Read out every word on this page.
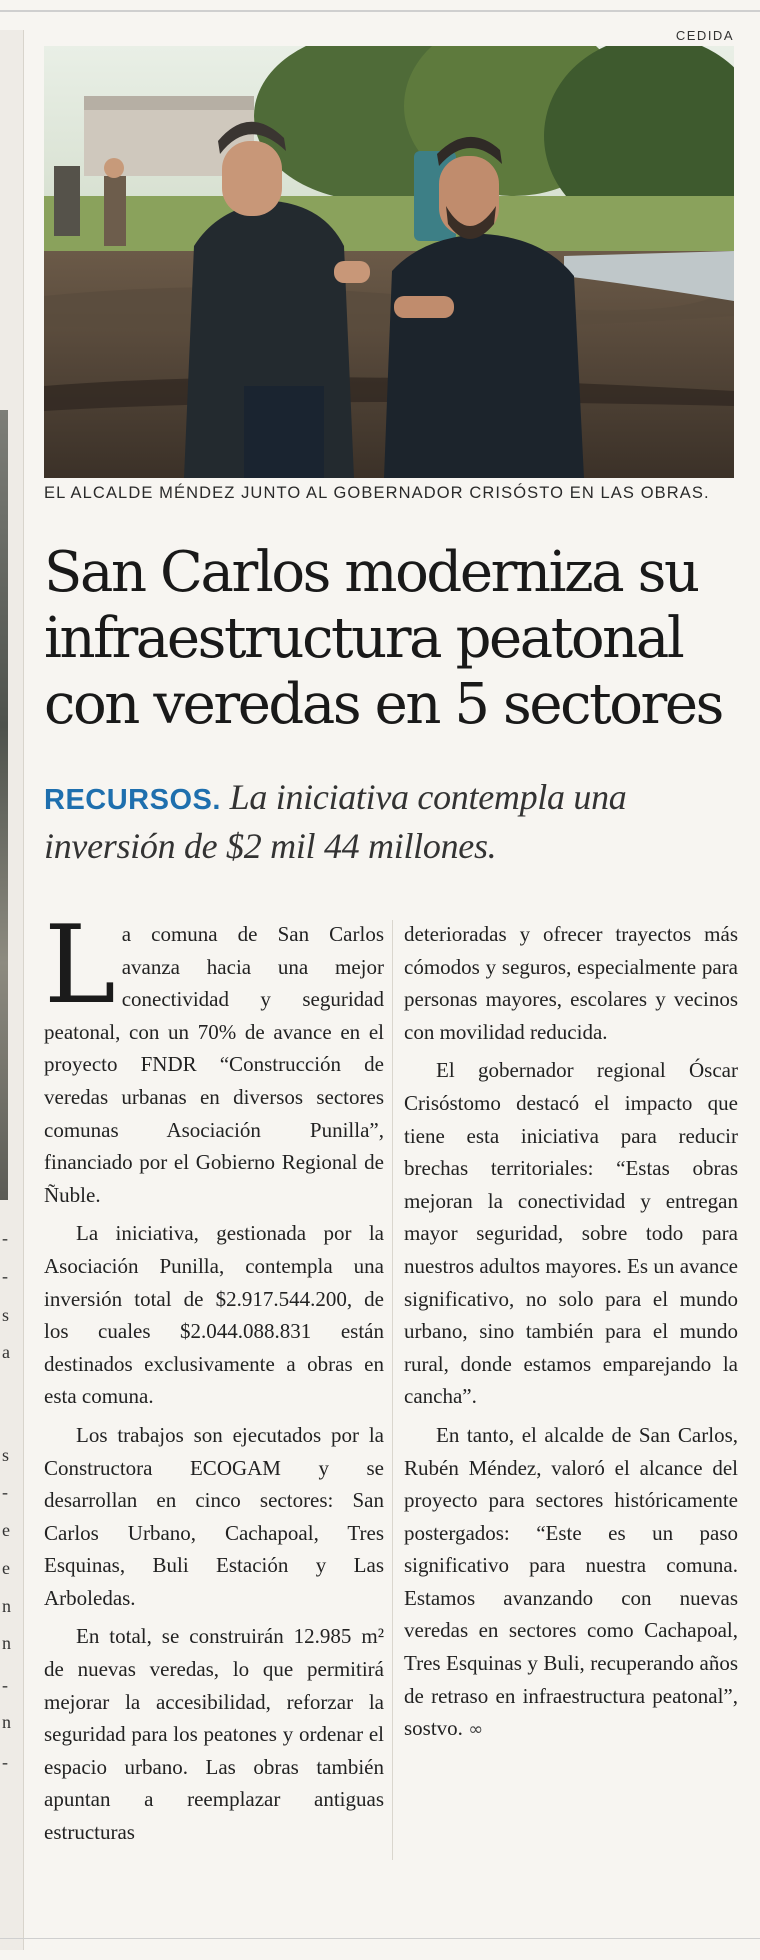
-
-
s
a
s
-
e
e
n
n
-
n
-
CEDIDA
EL ALCALDE MÉNDEZ JUNTO AL GOBERNADOR CRISÓSTO EN LAS OBRAS.
San Carlos moderniza su
infraestructura peatonal
con veredas en 5 sectores
RECURSOS. La iniciativa contempla una inversión de $2 mil 44 millones.

La comuna de San Carlos avanza hacia una mejor conectividad y seguridad peatonal, con un 70% de avance en el proyecto FNDR “Construcción de veredas urbanas en diversos sectores comunas Asociación Punilla”, financiado por el Gobierno Regional de Ñuble.

La iniciativa, gestionada por la Asociación Punilla, contempla una inversión total de $2.917.544.200, de los cuales $2.044.088.831 están destinados exclusivamente a obras en esta comuna.

Los trabajos son ejecutados por la Constructora ECOGAM y se desarrollan en cinco sectores: San Carlos Urbano, Cachapoal, Tres Esquinas, Buli Estación y Las Arboledas.

En total, se construirán 12.985 m² de nuevas veredas, lo que permitirá mejorar la accesibilidad, reforzar la seguridad para los peatones y ordenar el espacio urbano. Las obras también apuntan a reemplazar antiguas estructuras

deterioradas y ofrecer trayectos más cómodos y seguros, especialmente para personas mayores, escolares y vecinos con movilidad reducida.

El gobernador regional Óscar Crisóstomo destacó el impacto que tiene esta iniciativa para reducir brechas territoriales: “Estas obras mejoran la conectividad y entregan mayor seguridad, sobre todo para nuestros adultos mayores. Es un avance significativo, no solo para el mundo urbano, sino también para el mundo rural, donde estamos emparejando la cancha”.

En tanto, el alcalde de San Carlos, Rubén Méndez, valoró el alcance del proyecto para sectores históricamente postergados: “Este es un paso significativo para nuestra comuna. Estamos avanzando con nuevas veredas en sectores como Cachapoal, Tres Esquinas y Buli, recuperando años de retraso en infraestructura peatonal”, sostvo. ∞
